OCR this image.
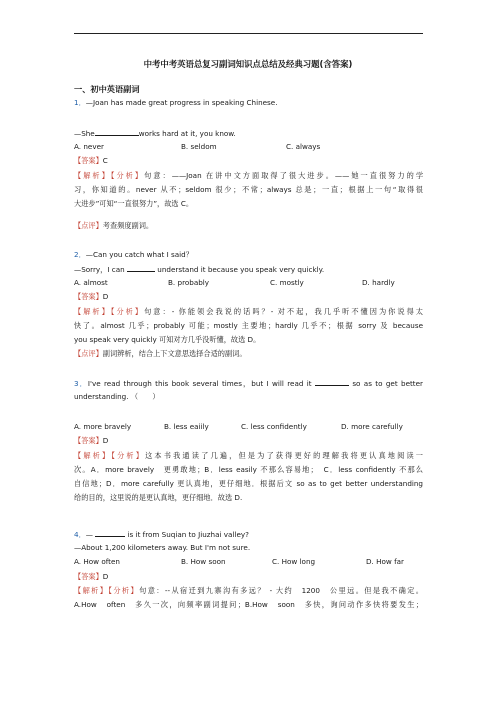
中考中考英语总复习副词知识点总结及经典习题(含答案)
一、初中英语副词
1．—Joan has made great progress in speaking Chinese.
—She	works hard at it, you know.
A. never	B. seldom	C. always
【答案】C
【解析】【分析】句意：——Joan 在讲中文方面取得了很大进步。——她一直很努力的学
习，你知道的。never 从不；seldom 很少；不常；always 总是；一直；根据上一句“取得很
大进步”可知“一直很努力”，故选 C。
【点评】考查频度副词。
2．—Can you catch what I said？
—Sorry，I can	understand it because you speak very quickly.
A. almost	B. probably	C. mostly	D. hardly
【答案】D
【解析】【分析】句意：- 你能领会我说的话吗？- 对不起，我几乎听不懂因为你说得太
快了。almost 几乎；probably 可能；mostly 主要地；hardly 几乎不；根据 sorry 及 because
you speak very quickly 可知对方几乎没听懂，故选 D。
【点评】副词辨析，结合上下文意思选择合适的副词。
3．I've read through this book several times，but I will read it	so as to get better
understanding. （　　）
A. more bravely	B. less eaiily	C. less confidently	D. more carefully
【答案】D
【解析】【分析】这本书我通读了几遍，但是为了获得更好的理解我将更认真地阅读一
次。A．more bravely　更勇敢地；B．less easily 不那么容易地；　C．less confidently 不那么
自信地；D．more carefully 更认真地，更仔细地．根据后文 so as to get better understanding
给的目的，这里说的是更认真地，更仔细地．故选 D.
4．—	is it from Suqian to Jiuzhai valley?
—About 1,200 kilometers away. But I'm not sure.
A. How often	B. How soon	C. How long	D. How far
【答案】D
【解析】【分析】句意：--从宿迁到九寨沟有多远？ - 大约　1200　公里远。但是我不确定。
A.How　often　多久一次，向频率副词提问；B.How　soon　多快，询问动作多快将要发生；
